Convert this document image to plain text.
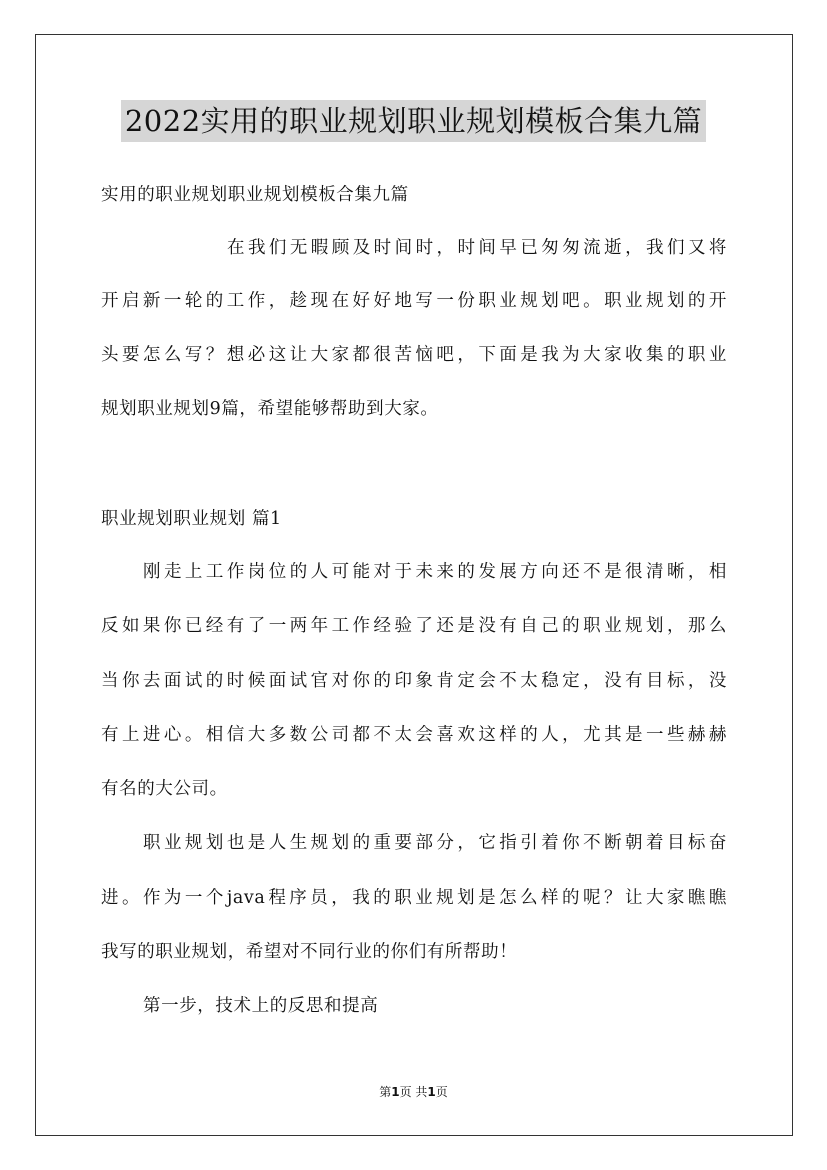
2022实用的职业规划职业规划模板合集九篇
实用的职业规划职业规划模板合集九篇
在我们无暇顾及时间时，时间早已匆匆流逝，我们又将
开启新一轮的工作，趁现在好好地写一份职业规划吧。职业规划的开
头要怎么写？想必这让大家都很苦恼吧，下面是我为大家收集的职业
规划职业规划9篇，希望能够帮助到大家。
职业规划职业规划 篇1
刚走上工作岗位的人可能对于未来的发展方向还不是很清晰，相
反如果你已经有了一两年工作经验了还是没有自己的职业规划，那么
当你去面试的时候面试官对你的印象肯定会不太稳定，没有目标，没
有上进心。相信大多数公司都不太会喜欢这样的人，尤其是一些赫赫
有名的大公司。
职业规划也是人生规划的重要部分，它指引着你不断朝着目标奋
进。作为一个java程序员，我的职业规划是怎么样的呢？让大家瞧瞧
我写的职业规划，希望对不同行业的你们有所帮助！
第一步，技术上的反思和提高
第1页 共1页
